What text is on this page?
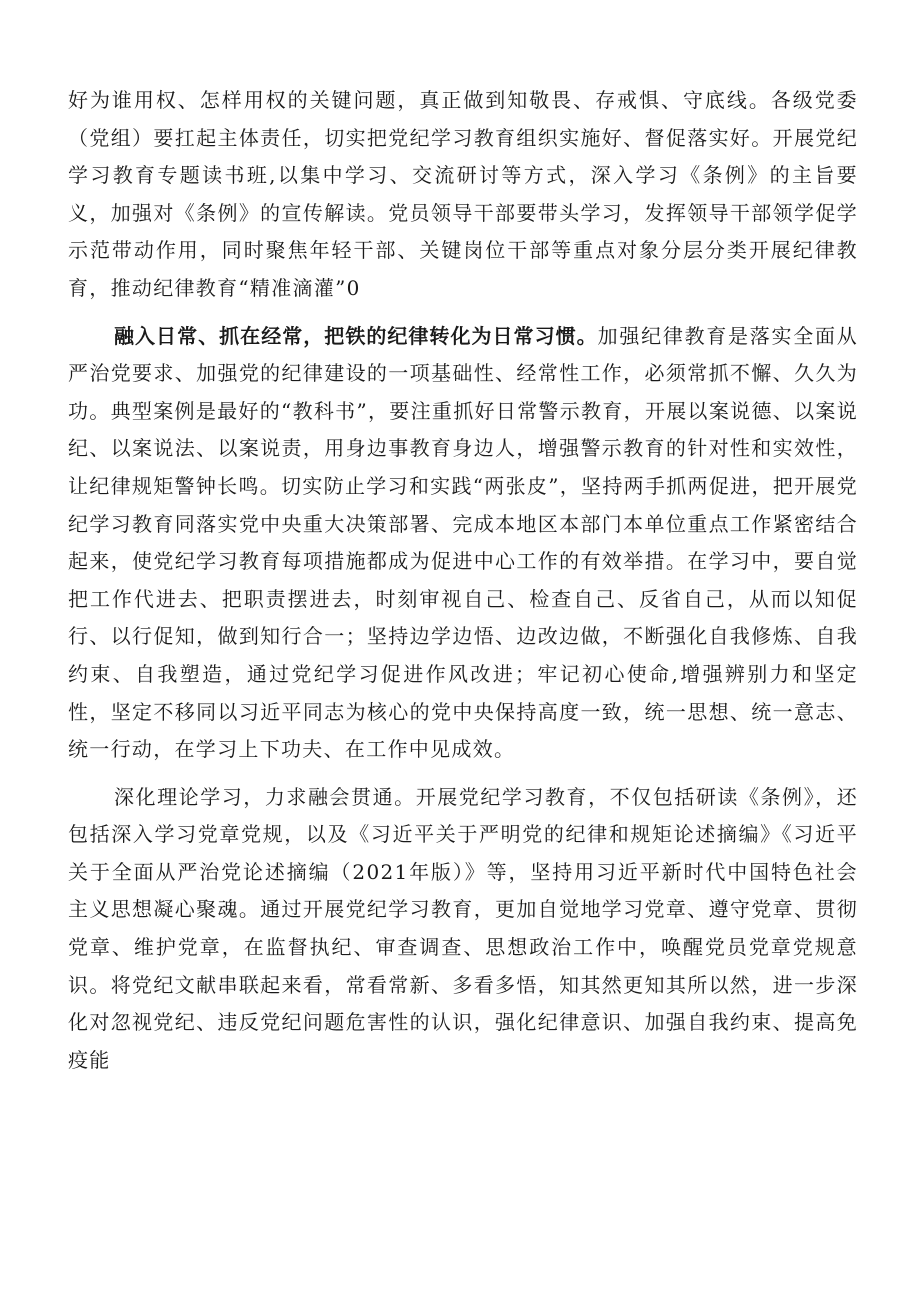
好为谁用权、怎样用权的关键问题，真正做到知敬畏、存戒惧、守底线。各级党委（党组）要扛起主体责任，切实把党纪学习教育组织实施好、督促落实好。开展党纪学习教育专题读书班,以集中学习、交流研讨等方式，深入学习《条例》的主旨要义，加强对《条例》的宣传解读。党员领导干部要带头学习，发挥领导干部领学促学示范带动作用，同时聚焦年轻干部、关键岗位干部等重点对象分层分类开展纪律教育，推动纪律教育“精准滴灌”0

融入日常、抓在经常，把铁的纪律转化为日常习惯。加强纪律教育是落实全面从严治党要求、加强党的纪律建设的一项基础性、经常性工作，必须常抓不懈、久久为功。典型案例是最好的“教科书”，要注重抓好日常警示教育，开展以案说德、以案说纪、以案说法、以案说责，用身边事教育身边人，增强警示教育的针对性和实效性，让纪律规矩警钟长鸣。切实防止学习和实践“两张皮”，坚持两手抓两促进，把开展党纪学习教育同落实党中央重大决策部署、完成本地区本部门本单位重点工作紧密结合起来，使党纪学习教育每项措施都成为促进中心工作的有效举措。在学习中，要自觉把工作代进去、把职责摆进去，时刻审视自己、检查自己、反省自己，从而以知促行、以行促知，做到知行合一；坚持边学边悟、边改边做，不断强化自我修炼、自我约束、自我塑造，通过党纪学习促进作风改进；牢记初心使命,增强辨别力和坚定性，坚定不移同以习近平同志为核心的党中央保持高度一致，统一思想、统一意志、统一行动，在学习上下功夫、在工作中见成效。

深化理论学习，力求融会贯通。开展党纪学习教育，不仅包括研读《条例》，还包括深入学习党章党规，以及《习近平关于严明党的纪律和规矩论述摘编》《习近平关于全面从严治党论述摘编（2021年版）》等，坚持用习近平新时代中国特色社会主义思想凝心聚魂。通过开展党纪学习教育，更加自觉地学习党章、遵守党章、贯彻党章、维护党章，在监督执纪、审查调查、思想政治工作中，唤醒党员党章党规意识。将党纪文献串联起来看，常看常新、多看多悟，知其然更知其所以然，进一步深化对忽视党纪、违反党纪问题危害性的认识，强化纪律意识、加强自我约束、提高免疫能
